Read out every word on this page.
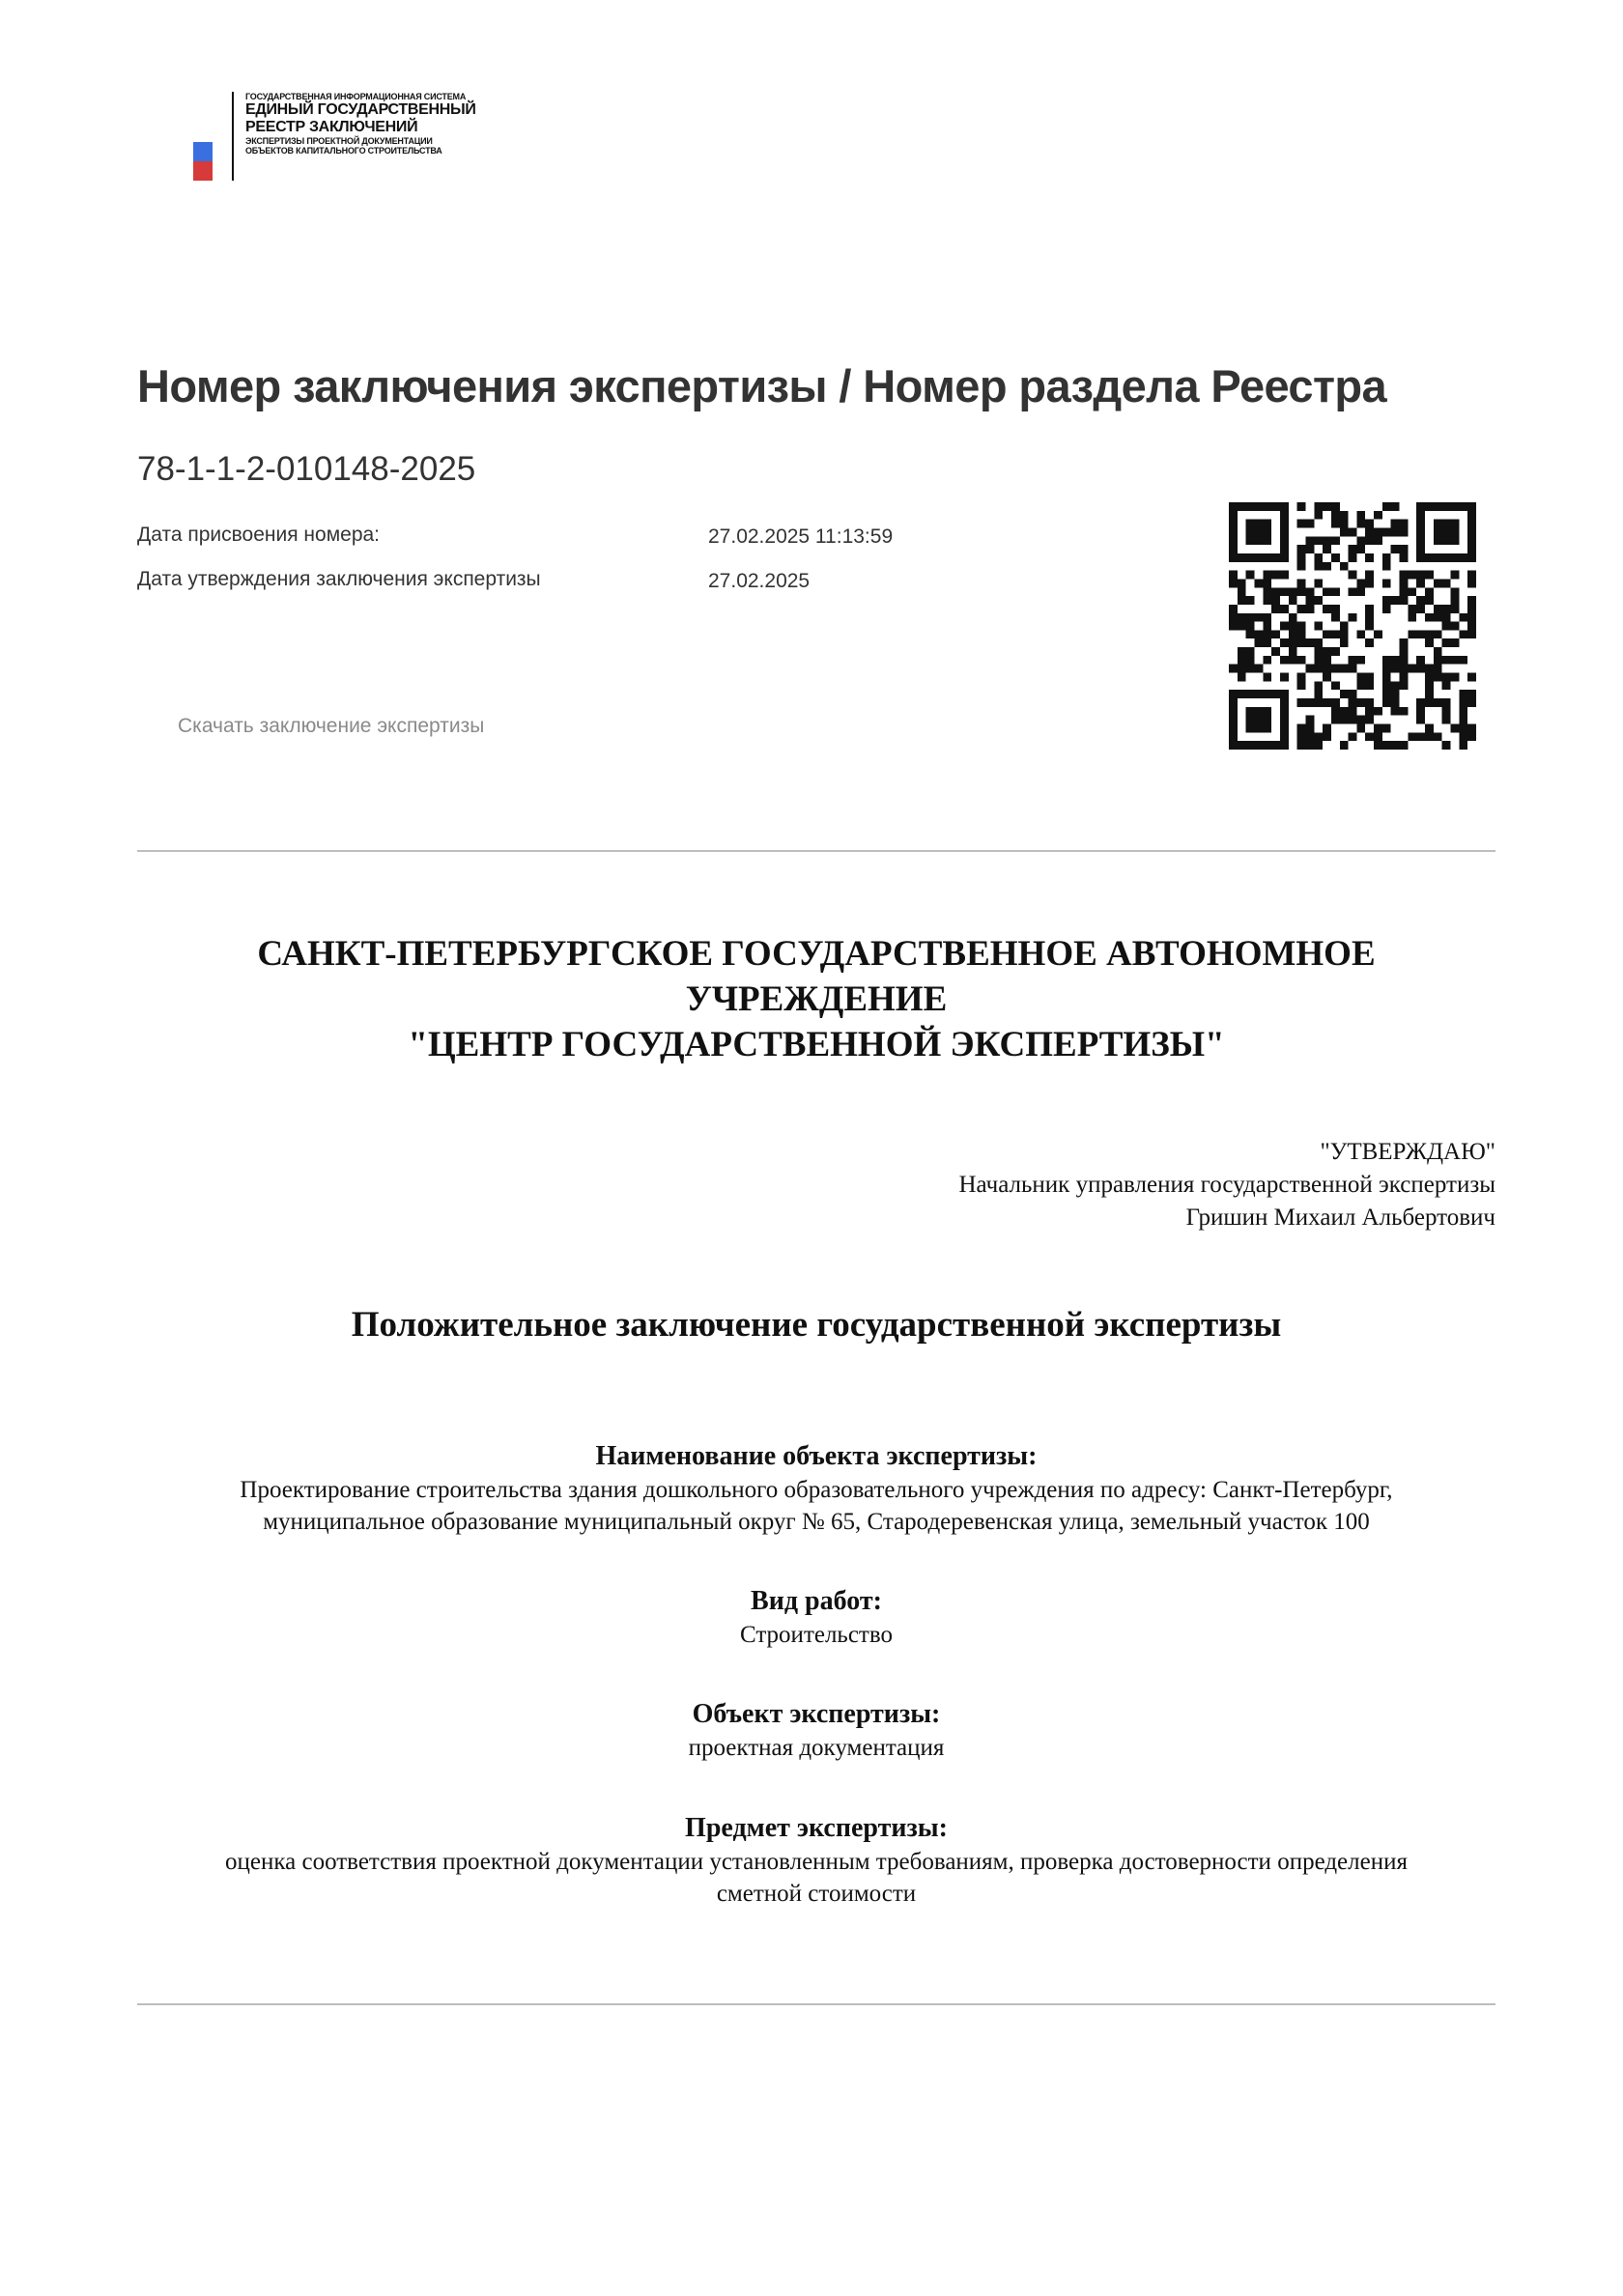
ГОСУДАРСТВЕННАЯ ИНФОРМАЦИОННАЯ СИСТЕМА
ЕДИНЫЙ ГОСУДАРСТВЕННЫЙ
РЕЕСТР ЗАКЛЮЧЕНИЙ
ЭКСПЕРТИЗЫ ПРОЕКТНОЙ ДОКУМЕНТАЦИИ
ОБЪЕКТОВ КАПИТАЛЬНОГО СТРОИТЕЛЬСТВА
Номер заключения экспертизы / Номер раздела Реестра
78-1-1-2-010148-2025
Дата присвоения номера:	27.02.2025 11:13:59
Дата утверждения заключения экспертизы	27.02.2025
Скачать заключение экспертизы
САНКТ-ПЕТЕРБУРГСКОЕ ГОСУДАРСТВЕННОЕ АВТОНОМНОЕ
УЧРЕЖДЕНИЕ
"ЦЕНТР ГОСУДАРСТВЕННОЙ ЭКСПЕРТИЗЫ"
"УТВЕРЖДАЮ"
Начальник управления государственной экспертизы
Гришин Михаил Альбертович
Положительное заключение государственной экспертизы
Наименование объекта экспертизы:
Проектирование строительства здания дошкольного образовательного учреждения по адресу: Санкт-Петербург,
муниципальное образование муниципальный округ № 65, Стародеревенская улица, земельный участок 100
Вид работ:
Строительство
Объект экспертизы:
проектная документация
Предмет экспертизы:
оценка соответствия проектной документации установленным требованиям, проверка достоверности определения
сметной стоимости
